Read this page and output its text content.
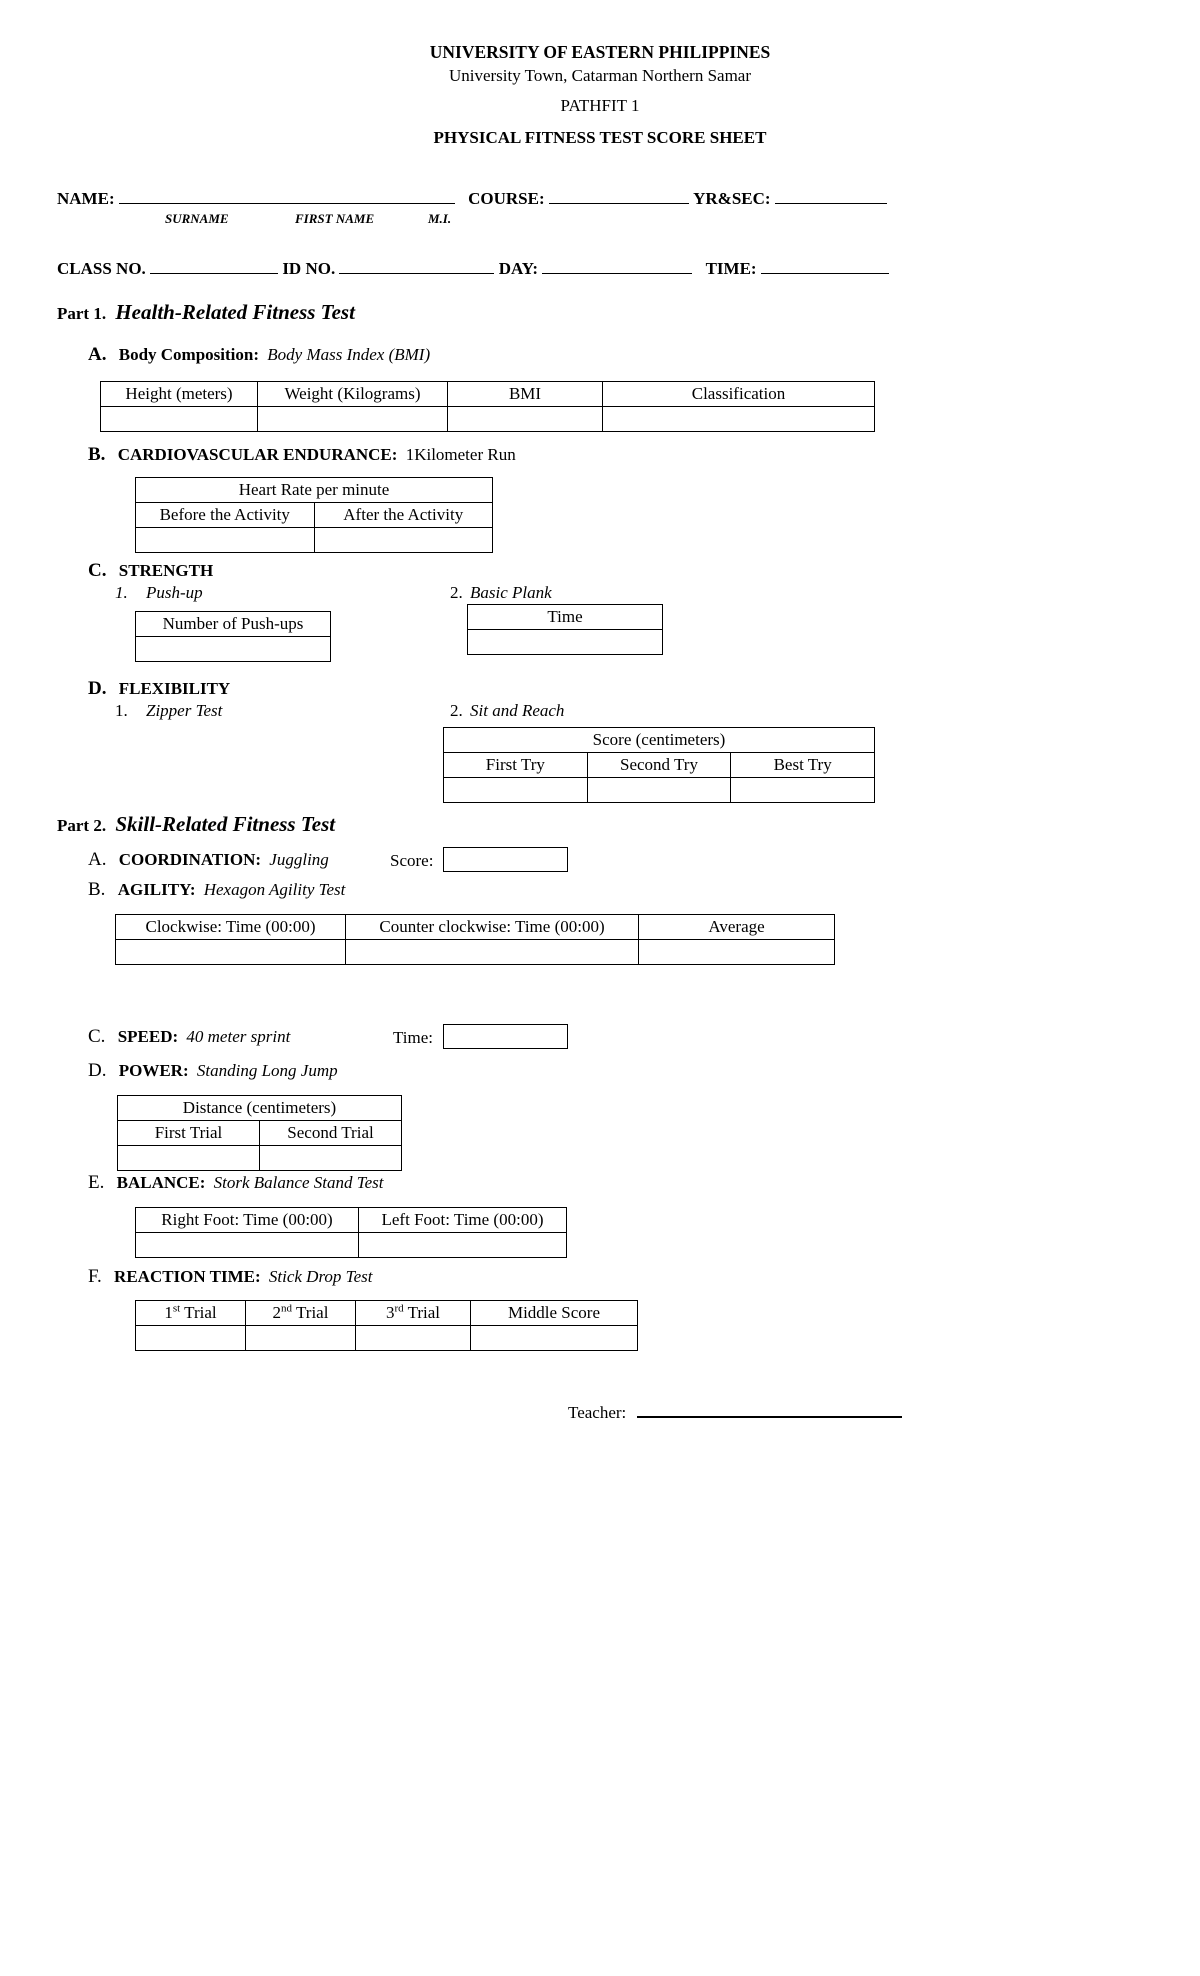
UNIVERSITY OF EASTERN PHILIPPINES
University Town, Catarman Northern Samar
PATHFIT 1
PHYSICAL FITNESS TEST SCORE SHEET
NAME:	COURSE:	YR&SEC:
SURNAME	FIRST NAME	M.I.
CLASS NO.	ID NO.	DAY:	TIME:
Part 1. Health-Related Fitness Test
A. Body Composition: Body Mass Index (BMI)
Height (meters)	Weight (Kilograms)	BMI	Classification

B. CARDIOVASCULAR ENDURANCE: 1Kilometer Run
Heart Rate per minute	
Before the Activity	After the Activity

C. STRENGTH
1. Push-up	2. Basic Plank
Number of Push-ups	Time

D. FLEXIBILITY
1. Zipper Test	2. Sit and Reach
Score (centimeters)		
First Try	Second Try	Best Try

Part 2. Skill-Related Fitness Test
A. COORDINATION: Juggling	Score:
B. AGILITY: Hexagon Agility Test
Clockwise: Time (00:00)	Counter clockwise: Time (00:00)	Average

C. SPEED: 40 meter sprint	Time:
D. POWER: Standing Long Jump
Distance (centimeters)	
First Trial	Second Trial

E. BALANCE: Stork Balance Stand Test
Right Foot: Time (00:00)	Left Foot: Time (00:00)

F. REACTION TIME: Stick Drop Test
1st Trial	2nd Trial	3rd Trial	Middle Score

Teacher:
